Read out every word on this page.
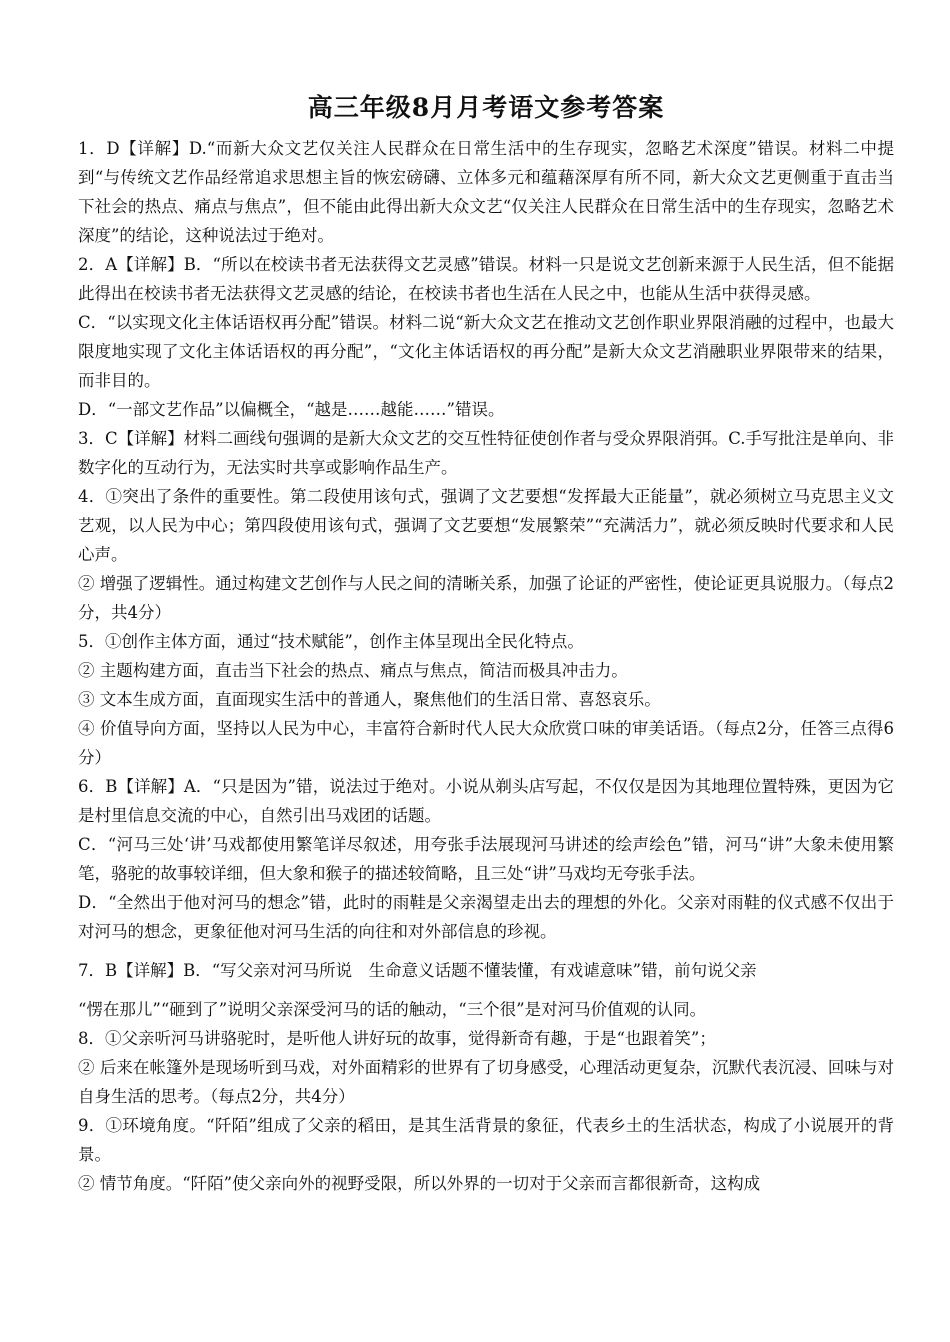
高三年级8月月考语文参考答案

1．D【详解】D.“而新大众文艺仅关注人民群众在日常生活中的生存现实，忽略艺术深度”错误。材料二中提到“与传统文艺作品经常追求思想主旨的恢宏磅礴、立体多元和蕴藉深厚有所不同，新大众文艺更侧重于直击当下社会的热点、痛点与焦点”，但不能由此得出新大众文艺“仅关注人民群众在日常生活中的生存现实，忽略艺术深度”的结论，这种说法过于绝对。

2．A【详解】B．“所以在校读书者无法获得文艺灵感”错误。材料一只是说文艺创新来源于人民生活，但不能据此得出在校读书者无法获得文艺灵感的结论，在校读书者也生活在人民之中，也能从生活中获得灵感。

C．“以实现文化主体话语权再分配”错误。材料二说“新大众文艺在推动文艺创作职业界限消融的过程中，也最大限度地实现了文化主体话语权的再分配”，“文化主体话语权的再分配”是新大众文艺消融职业界限带来的结果，而非目的。

D．“一部文艺作品”以偏概全，“越是……越能……”错误。

3．C【详解】材料二画线句强调的是新大众文艺的交互性特征使创作者与受众界限消弭。C.手写批注是单向、非数字化的互动行为，无法实时共享或影响作品生产。

4．①突出了条件的重要性。第二段使用该句式，强调了文艺要想“发挥最大正能量”，就必须树立马克思主义文艺观，以人民为中心；第四段使用该句式，强调了文艺要想“发展繁荣”“充满活力”，就必须反映时代要求和人民心声。

② 增强了逻辑性。通过构建文艺创作与人民之间的清晰关系，加强了论证的严密性，使论证更具说服力。（每点2分，共4分）

5．①创作主体方面，通过“技术赋能”，创作主体呈现出全民化特点。

② 主题构建方面，直击当下社会的热点、痛点与焦点，简洁而极具冲击力。

③ 文本生成方面，直面现实生活中的普通人，聚焦他们的生活日常、喜怒哀乐。

④ 价值导向方面，坚持以人民为中心，丰富符合新时代人民大众欣赏口味的审美话语。（每点2分，任答三点得6分）

6．B【详解】A．“只是因为”错，说法过于绝对。小说从剃头店写起，不仅仅是因为其地理位置特殊，更因为它是村里信息交流的中心，自然引出马戏团的话题。

C．“河马三处‘讲’马戏都使用繁笔详尽叙述，用夸张手法展现河马讲述的绘声绘色”错，河马“讲”大象未使用繁笔，骆驼的故事较详细，但大象和猴子的描述较简略，且三处“讲”马戏均无夸张手法。

D．“全然出于他对河马的想念”错，此时的雨鞋是父亲渴望走出去的理想的外化。父亲对雨鞋的仪式感不仅出于对河马的想念，更象征他对河马生活的向往和对外部信息的珍视。

7．B【详解】B．“写父亲对河马所说　生命意义话题不懂装懂，有戏谑意味”错，前句说父亲

“愣在那儿”“砸到了”说明父亲深受河马的话的触动，“三个很”是对河马价值观的认同。

8．①父亲听河马讲骆驼时，是听他人讲好玩的故事，觉得新奇有趣，于是“也跟着笑”；

② 后来在帐篷外是现场听到马戏，对外面精彩的世界有了切身感受，心理活动更复杂，沉默代表沉浸、回味与对自身生活的思考。（每点2分，共4分）

9．①环境角度。“阡陌”组成了父亲的稻田，是其生活背景的象征，代表乡土的生活状态，构成了小说展开的背景。

② 情节角度。“阡陌”使父亲向外的视野受限，所以外界的一切对于父亲而言都很新奇，这构成
